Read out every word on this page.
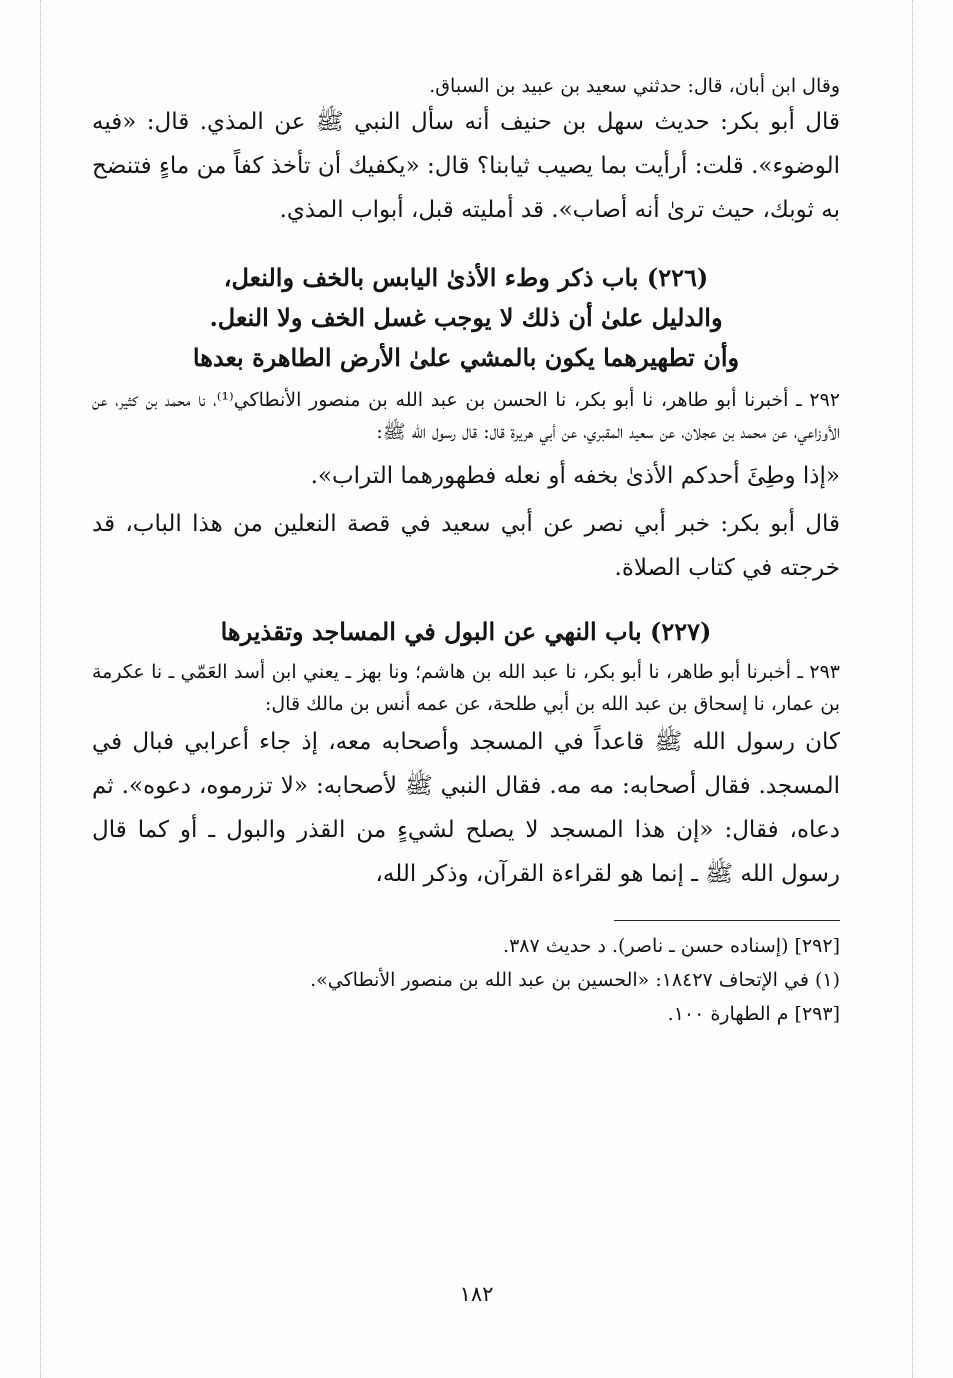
وقال ابن أبان، قال: حدثني سعيد بن عبيد بن السباق.

قال أبو بكر: حديث سهل بن حنيف أنه سأل النبي ﷺ عن المذي. قال: «فيه الوضوء». قلت: أرأيت بما يصيب ثيابنا؟ قال: «يكفيك أن تأخذ كفاً من ماءٍ فتنضح به ثوبك، حيث ترىٰ أنه أصاب». قد أمليته قبل، أبواب المذي.

(٢٢٦) باب ذكر وطء الأذىٰ اليابس بالخف والنعل،

والدليل علىٰ أن ذلك لا يوجب غسل الخف ولا النعل.

وأن تطهيرهما يكون بالمشي علىٰ الأرض الطاهرة بعدها

٢٩٢ ـ أخبرنا أبو طاهر، نا أبو بكر، نا الحسن بن عبد الله بن منصور الأنطاكي⁽¹⁾، نا محمد بن كثير، عن الأوزاعي، عن محمد بن عجلان، عن سعيد المقبري، عن أبي هريرة قال: قال رسول الله ﷺ:

«إذا وطِئَ أحدكم الأذىٰ بخفه أو نعله فطهورهما التراب».

قال أبو بكر: خبر أبي نصر عن أبي سعيد في قصة النعلين من هذا الباب، قد خرجته في كتاب الصلاة.

(٢٢٧) باب النهي عن البول في المساجد وتقذيرها

٢٩٣ ـ أخبرنا أبو طاهر، نا أبو بكر، نا عبد الله بن هاشم؛ ونا بهز ـ يعني ابن أسد العَمّي ـ نا عكرمة بن عمار، نا إسحاق بن عبد الله بن أبي طلحة، عن عمه أنس بن مالك قال:

كان رسول الله ﷺ قاعداً في المسجد وأصحابه معه، إذ جاء أعرابي فبال في المسجد. فقال أصحابه: مه مه. فقال النبي ﷺ لأصحابه: «لا تزرموه، دعوه». ثم دعاه، فقال: «إن هذا المسجد لا يصلح لشيءٍ من القذر والبول ـ أو كما قال رسول الله ﷺ ـ إنما هو لقراءة القرآن، وذكر الله،

[٢٩٢] (إسناده حسن ـ ناصر). د حديث ٣٨٧.

(١) في الإتحاف ١٨٤٢٧: «الحسين بن عبد الله بن منصور الأنطاكي».

[٢٩٣] م الطهارة ١٠٠.

١٨٢
